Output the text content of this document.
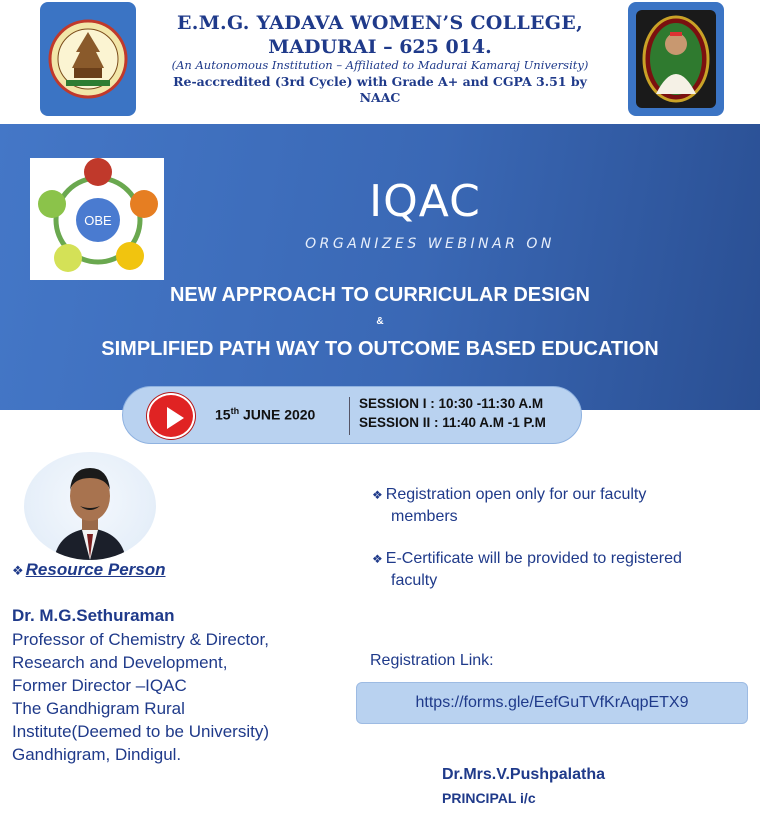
E.M.G. YADAVA WOMEN’S COLLEGE,
MADURAI – 625 014.
(An Autonomous Institution – Affiliated to Madurai Kamaraj University)
Re-accredited (3rd Cycle) with Grade A+ and CGPA 3.51 by
NAAC
OBE	IQAC
ORGANIZES WEBINAR ON
NEW APPROACH TO CURRICULAR DESIGN
&
SIMPLIFIED PATH WAY TO OUTCOME BASED EDUCATION
15th JUNE 2020
SESSION I : 10:30 -11:30 A.M
SESSION II : 11:40 A.M -1 P.M
❖ Resource Person
Dr. M.G.Sethuraman
Professor of Chemistry & Director,
Research and Development,
Former Director –IQAC
The Gandhigram Rural
Institute(Deemed to be University)
Gandhigram, Dindigul.
❖ Registration open only for our faculty
members
❖ E-Certificate will be provided to registered
faculty
Registration Link:
https://forms.gle/EefGuTVfKrAqpETX9
Dr.Mrs.V.Pushpalatha
PRINCIPAL i/c
